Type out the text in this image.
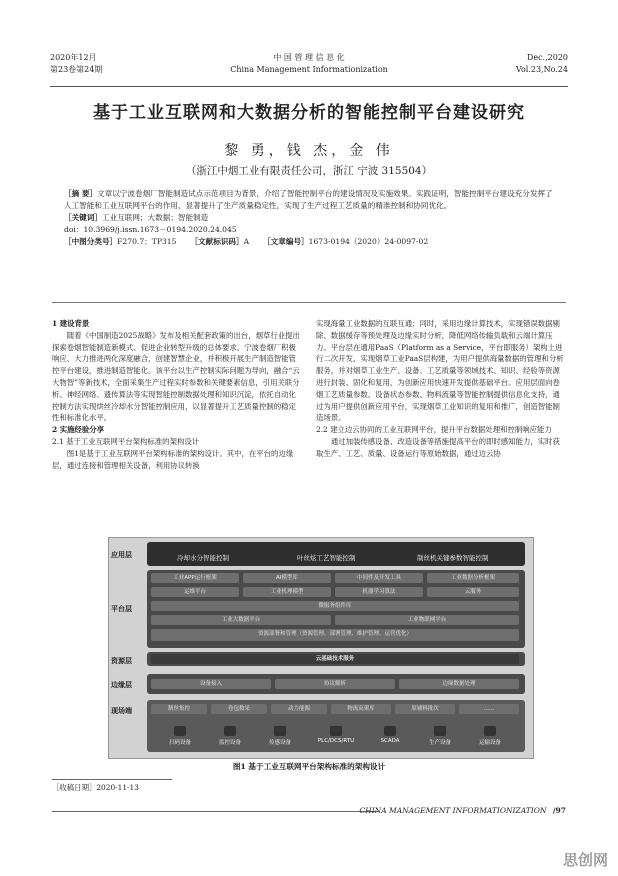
2020年12月
第23卷第24期
中 国 管 理 信 息 化
China Management Informationization
Dec.,2020
Vol.23,No.24
基于工业互联网和大数据分析的智能控制平台建设研究
黎 勇，钱 杰，金 伟
（浙江中烟工业有限责任公司，浙江 宁波 315504）
［摘 要］文章以宁波卷烟厂智能制造试点示范项目为背景，介绍了智能控制平台的建设情况及实施效果。实践证明，智能控制平台建设充分发挥了人工智能和工业互联网平台的作用，显著提升了生产质量稳定性，实现了生产过程工艺质量的精准控制和协同优化。
［关键词］工业互联网；大数据；智能制造
doi：10.3969/j.issn.1673－0194.2020.24.045
［中图分类号］F270.7；TP315 ［文献标识码］A ［文章编号］1673-0194（2020）24-0097-02

1 建设背景

随着《中国制造2025战略》发布及相关配套政策的出台，烟草行业提出探索卷烟智能制造新模式、促进企业转型升级的总体要求。宁波卷烟厂积极响应、大力推进两化深度融合，创建智慧企业，并积极开展生产制造智能管控平台建设，推进制造智能化。该平台以生产控制实际问题为导向，融合“云大物智”等新技术，全面采集生产过程实时参数和关键要素信息，引用关联分析、神经网络、遗传算法等实现智能控制数据处理和知识沉淀，依托自动化控制方法实现烘丝冷却水分智能控制应用，以显著提升工艺质量控制的稳定性和标准化水平。

2 实施经验分享

2.1 基于工业互联网平台架构标准的架构设计

图1是基于工业互联网平台架构标准的架构设计。其中，在平台的边缘层，通过连接和管理相关设备，利用协议转换

实现海量工业数据的互联互通；同时，采用边缘计算技术，实现错误数据剔除、数据缓存等预处理及边缘实时分析，降低网络传输负载和云端计算压力。平台层在通用PaaS（Platform as a Service，平台即服务）架构上进行二次开发，实现烟草工业PaaS层构建，为用户提供海量数据的管理和分析服务，并对烟草工业生产、设备、工艺质量等领域技术、知识、经验等资源进行封装、固化和复用，为创新应用快速开发提供基础平台。应用层面向卷烟工艺质量参数、设备状态参数、物料流量等智能控制提供信息化支持，通过为用户提供创新应用平台，实现烟草工业知识的复用和推广，创造智能制造场景。

2.2 建立边云协同的工业互联网平台，提升平台数据处理和控制响应能力

通过加装传感设备、改造设备等措施提高平台的即时感知能力，实时获取生产、工艺、质量、设备运行等原始数据，通过边云协

应用层
平台层
资源层
边缘层
现场端
冷却水分智能控制	叶丝炫工艺智能控制	制丝机关键参数智能控制
工业APP运行框架	AI模型库	中间件及开发工具	工业数据分析框架
运维平台	工业机理模型	机器学习算法	云服务
微服务组件库
工业大数据平台	工业物联网平台
资源部署和管理（资源管理、部署管理、维护管理、运营优化）
云基础技术服务
设备接入	协议解析	边缘数据处理
制丝集控	卷包数采	动力能源	物流高架库	原辅料批次	……
扫码设备	监控设备	传感设备	PLC/DCS/RTU	SCADA	生产设备	运输设备
图1 基于工业互联网平台架构标准的架构设计
［收稿日期］2020-11-13
CHINA MANAGEMENT INFORMATIONIZATION /97
思创网
